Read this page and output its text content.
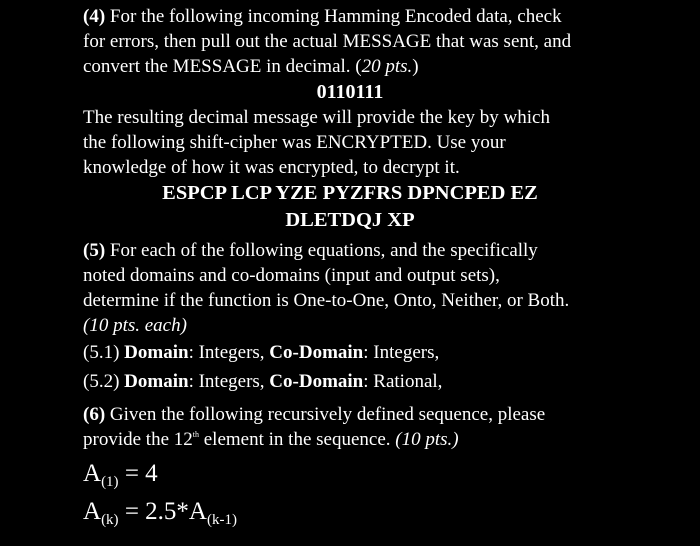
(4) For the following incoming Hamming Encoded data, check
for errors, then pull out the actual MESSAGE that was sent, and
convert the MESSAGE in decimal. (20 pts.)
0110111
The resulting decimal message will provide the key by which
the following shift-cipher was ENCRYPTED. Use your
knowledge of how it was encrypted, to decrypt it.
ESPCP LCP YZE PYZFRS DPNCPED EZ
DLETDQJ XP
(5) For each of the following equations, and the specifically
noted domains and co-domains (input and output sets),
determine if the function is One-to-One, Onto, Neither, or Both.
(10 pts. each)
(5.1) Domain: Integers, Co-Domain: Integers,
(5.2) Domain: Integers, Co-Domain: Rational,
(6) Given the following recursively defined sequence, please
provide the 12th element in the sequence. (10 pts.)
$A_{(1)} = 4$
$A_{(k)} = 2.5*A_{(k-1)}$
